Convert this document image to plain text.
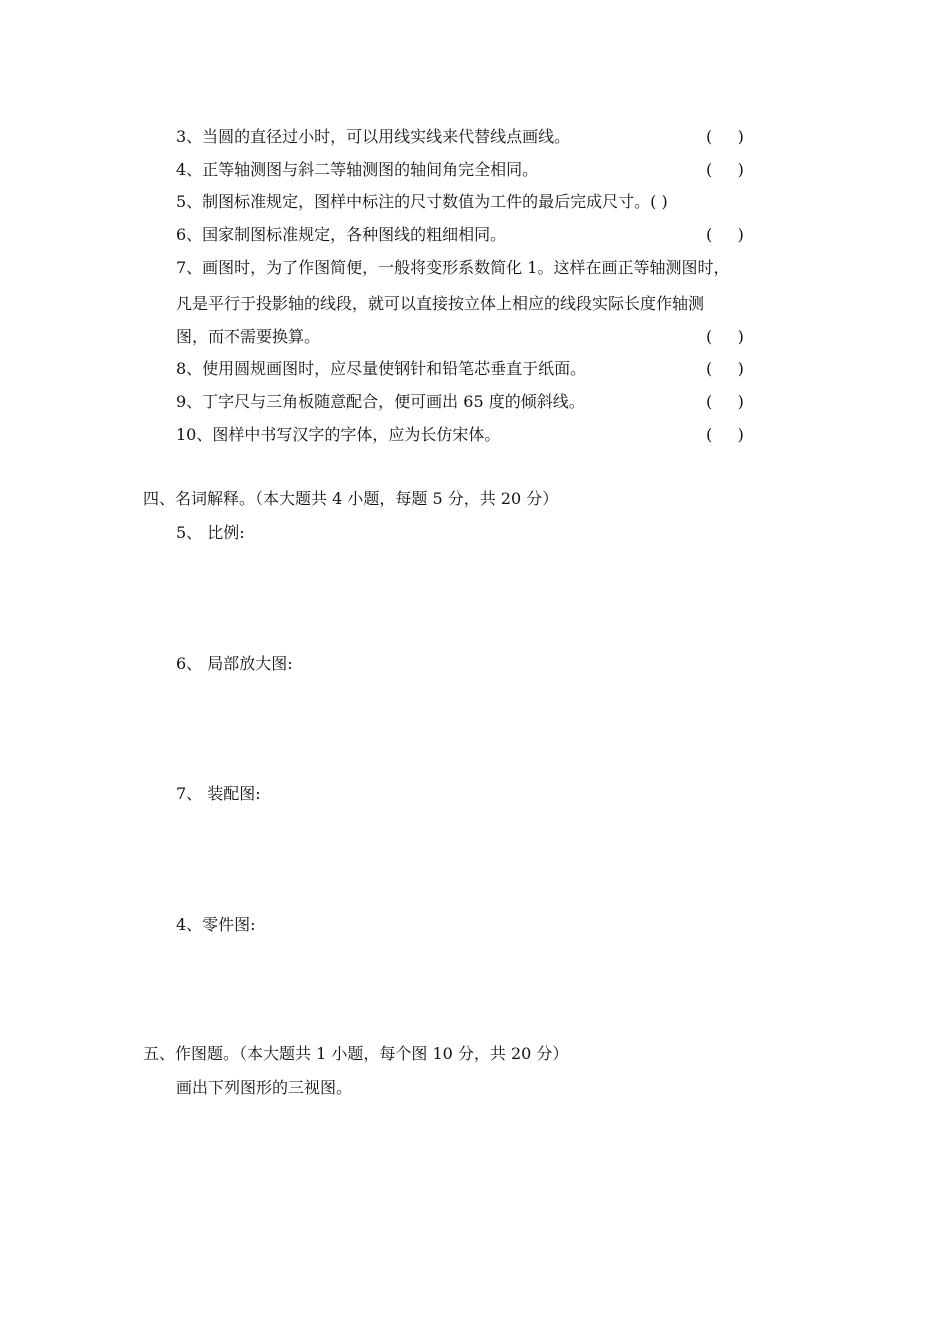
3、当圆的直径过小时，可以用线实线来代替线点画线。	(     )
4、正等轴测图与斜二等轴测图的轴间角完全相同。	(     )
5、制图标准规定，图样中标注的尺寸数值为工件的最后完成尺寸。( )
6、国家制图标准规定，各种图线的粗细相同。	(     )
7、画图时，为了作图简便，一般将变形系数简化 1。这样在画正等轴测图时，
凡是平行于投影轴的线段，就可以直接按立体上相应的线段实际长度作轴测
图，而不需要换算。	(     )
8、使用圆规画图时，应尽量使钢针和铅笔芯垂直于纸面。	(     )
9、丁字尺与三角板随意配合，便可画出 65 度的倾斜线。	(     )
10、图样中书写汉字的字体，应为长仿宋体。	(     )
四、名词解释。（本大题共 4 小题，每题 5 分，共 20 分）
5、 比例:
6、 局部放大图:
7、 装配图:
4、零件图:
五、作图题。（本大题共 1 小题，每个图 10 分，共 20 分）
画出下列图形的三视图。
